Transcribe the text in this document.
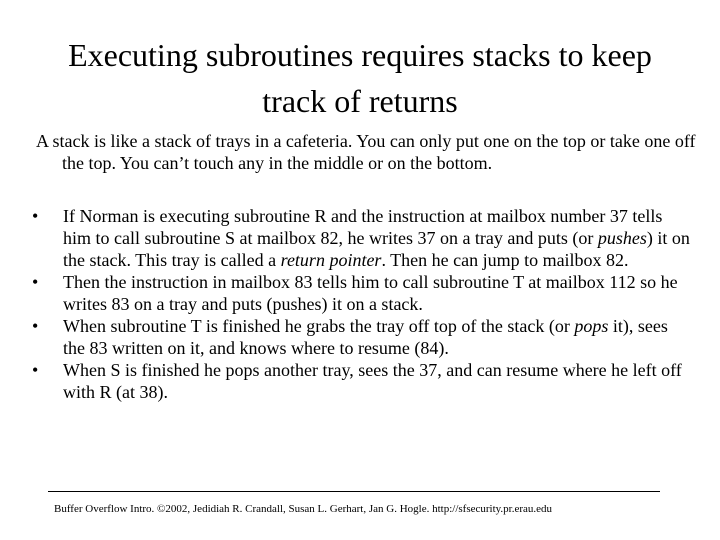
Executing subroutines requires stacks to keep track of returns

A stack is like a stack of trays in a cafeteria. You can only put one on the top or take one off the top. You can’t touch any in the middle or on the bottom.

• If Norman is executing subroutine R and the instruction at mailbox number 37 tells him to call subroutine S at mailbox 82, he writes 37 on a tray and puts (or pushes) it on the stack. This tray is called a return pointer. Then he can jump to mailbox 82.
• Then the instruction in mailbox 83 tells him to call subroutine T at mailbox 112 so he writes 83 on a tray and puts (pushes) it on a stack.
• When subroutine T is finished he grabs the tray off top of the stack (or pops it), sees the 83 written on it, and knows where to resume (84).
• When S is finished he pops another tray, sees the 37, and can resume where he left off with R (at 38).

Buffer Overflow Intro. ©2002, Jedidiah R. Crandall, Susan L. Gerhart, Jan G. Hogle. http://sfsecurity.pr.erau.edu
